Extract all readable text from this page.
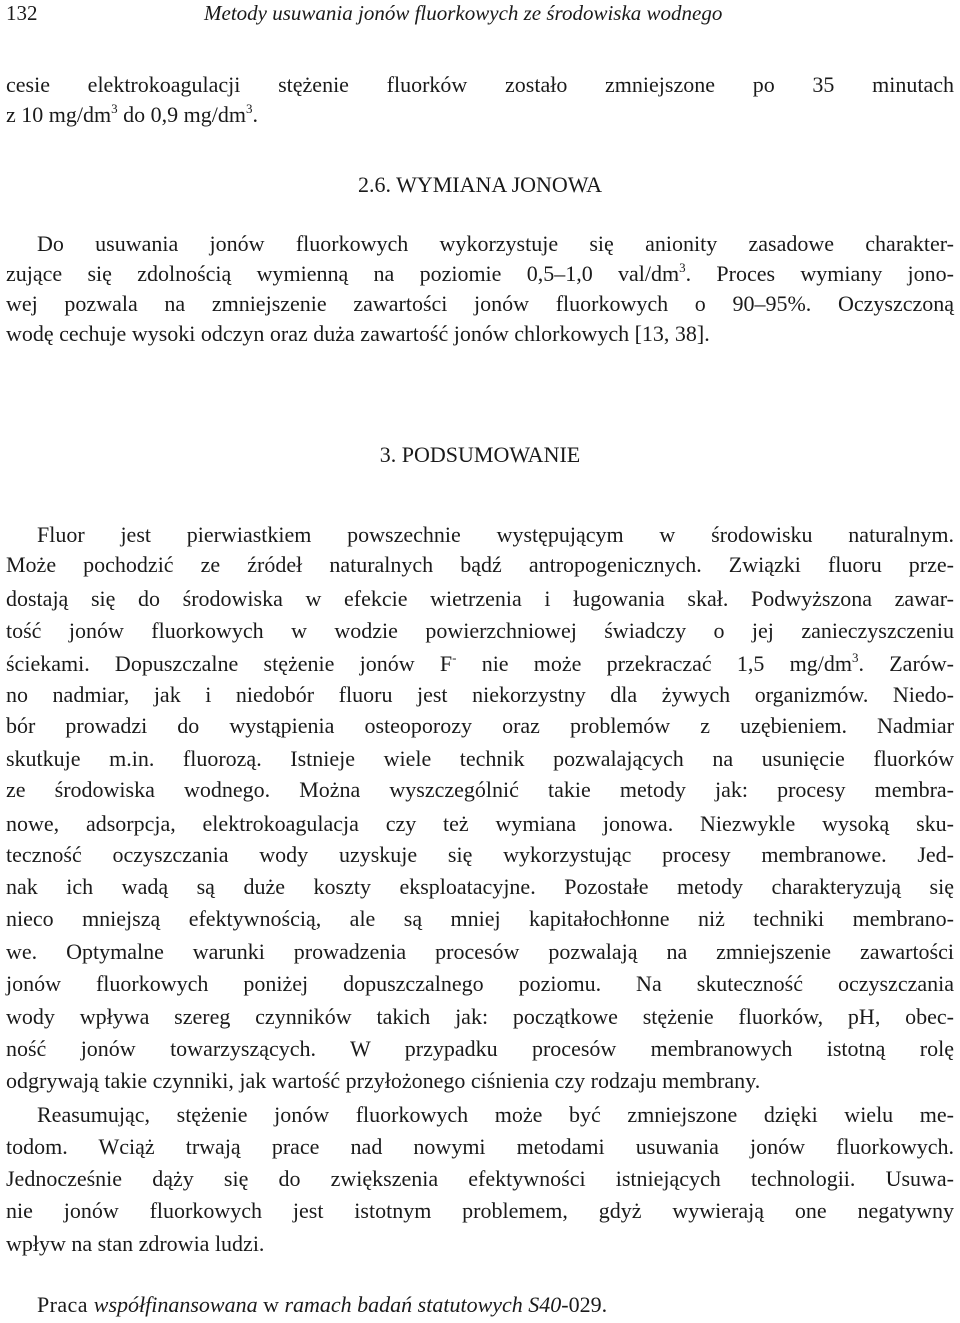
132	Metody usuwania jonów fluorkowych ze środowiska wodnego
cesie elektrokoagulacji stężenie fluorków zostało zmniejszone po 35 minutach
z 10 $mg/dm^3$ do 0,9 $mg/dm^3$.
2.6. WYMIANA JONOWA
Do usuwania jonów fluorkowych wykorzystuje się anionity zasadowe charakter-
zujące się zdolnością wymienną na poziomie 0,5–1,0 val/$dm^3$. Proces wymiany jono-
wej pozwala na zmniejszenie zawartości jonów fluorkowych o 90–95%. Oczyszczoną
wodę cechuje wysoki odczyn oraz duża zawartość jonów chlorkowych [13, 38].
3. PODSUMOWANIE
Fluor jest pierwiastkiem powszechnie występującym w środowisku naturalnym.
Może pochodzić ze źródeł naturalnych bądź antropogenicznych. Związki fluoru prze-
dostają się do środowiska w efekcie wietrzenia i ługowania skał. Podwyższona zawar-
tość jonów fluorkowych w wodzie powierzchniowej świadczy o jej zanieczyszczeniu
ściekami. Dopuszczalne stężenie jonów F- nie może przekraczać 1,5 $mg/dm^3$. Zarów-
no nadmiar, jak i niedobór fluoru jest niekorzystny dla żywych organizmów. Niedo-
bór prowadzi do wystąpienia osteoporozy oraz problemów z uzębieniem. Nadmiar
skutkuje m.in. fluorozą. Istnieje wiele technik pozwalających na usunięcie fluorków
ze środowiska wodnego. Można wyszczególnić takie metody jak: procesy membra-
nowe, adsorpcja, elektrokoagulacja czy też wymiana jonowa. Niezwykle wysoką sku-
teczność oczyszczania wody uzyskuje się wykorzystując procesy membranowe. Jed-
nak ich wadą są duże koszty eksploatacyjne. Pozostałe metody charakteryzują się
nieco mniejszą efektywnością, ale są mniej kapitałochłonne niż techniki membrano-
we. Optymalne warunki prowadzenia procesów pozwalają na zmniejszenie zawartości
jonów fluorkowych poniżej dopuszczalnego poziomu. Na skuteczność oczyszczania
wody wpływa szereg czynników takich jak: początkowe stężenie fluorków, pH, obec-
ność jonów towarzyszących. W przypadku procesów membranowych istotną rolę
odgrywają takie czynniki, jak wartość przyłożonego ciśnienia czy rodzaju membrany.
Reasumując, stężenie jonów fluorkowych może być zmniejszone dzięki wielu me-
todom. Wciąż trwają prace nad nowymi metodami usuwania jonów fluorkowych.
Jednocześnie dąży się do zwiększenia efektywności istniejących technologii. Usuwa-
nie jonów fluorkowych jest istotnym problemem, gdyż wywierają one negatywny
wpływ na stan zdrowia ludzi.
Praca współfinansowana w ramach badań statutowych S40-029.
